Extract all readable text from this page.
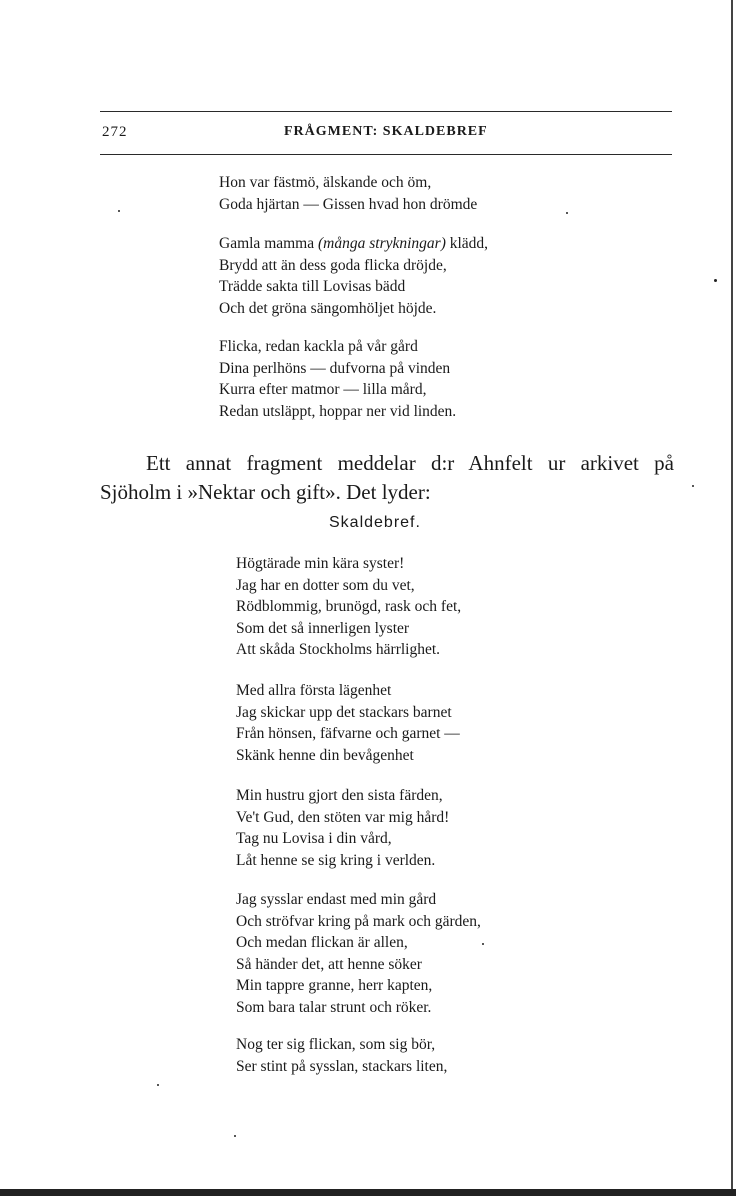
272	FRÅGMENT: SKALDEBREF
Hon var fästmö, älskande och öm,
Goda hjärtan — Gissen hvad hon drömde
Gamla mamma (många strykningar) klädd,
Brydd att än dess goda flicka dröjde,
Trädde sakta till Lovisas bädd
Och det gröna sängomhöljet höjde.
Flicka, redan kackla på vår gård
Dina perlhöns — dufvorna på vinden
Kurra efter matmor — lilla mård,
Redan utsläppt, hoppar ner vid linden.
Ett annat fragment meddelar d:r Ahnfelt ur arkivet på
Sjöholm i »Nektar och gift». Det lyder:
Skaldebref.
Högtärade min kära syster!
Jag har en dotter som du vet,
Rödblommig, brunögd, rask och fet,
Som det så innerligen lyster
Att skåda Stockholms härrlighet.
Med allra första lägenhet
Jag skickar upp det stackars barnet
Från hönsen, fäfvarne och garnet —
Skänk henne din bevågenhet
Min hustru gjort den sista färden,
Ve't Gud, den stöten var mig hård!
Tag nu Lovisa i din vård,
Låt henne se sig kring i verlden.
Jag sysslar endast med min gård
Och ströfvar kring på mark och gärden,
Och medan flickan är allen,
Så händer det, att henne söker
Min tappre granne, herr kapten,
Som bara talar strunt och röker.
Nog ter sig flickan, som sig bör,
Ser stint på sysslan, stackars liten,
